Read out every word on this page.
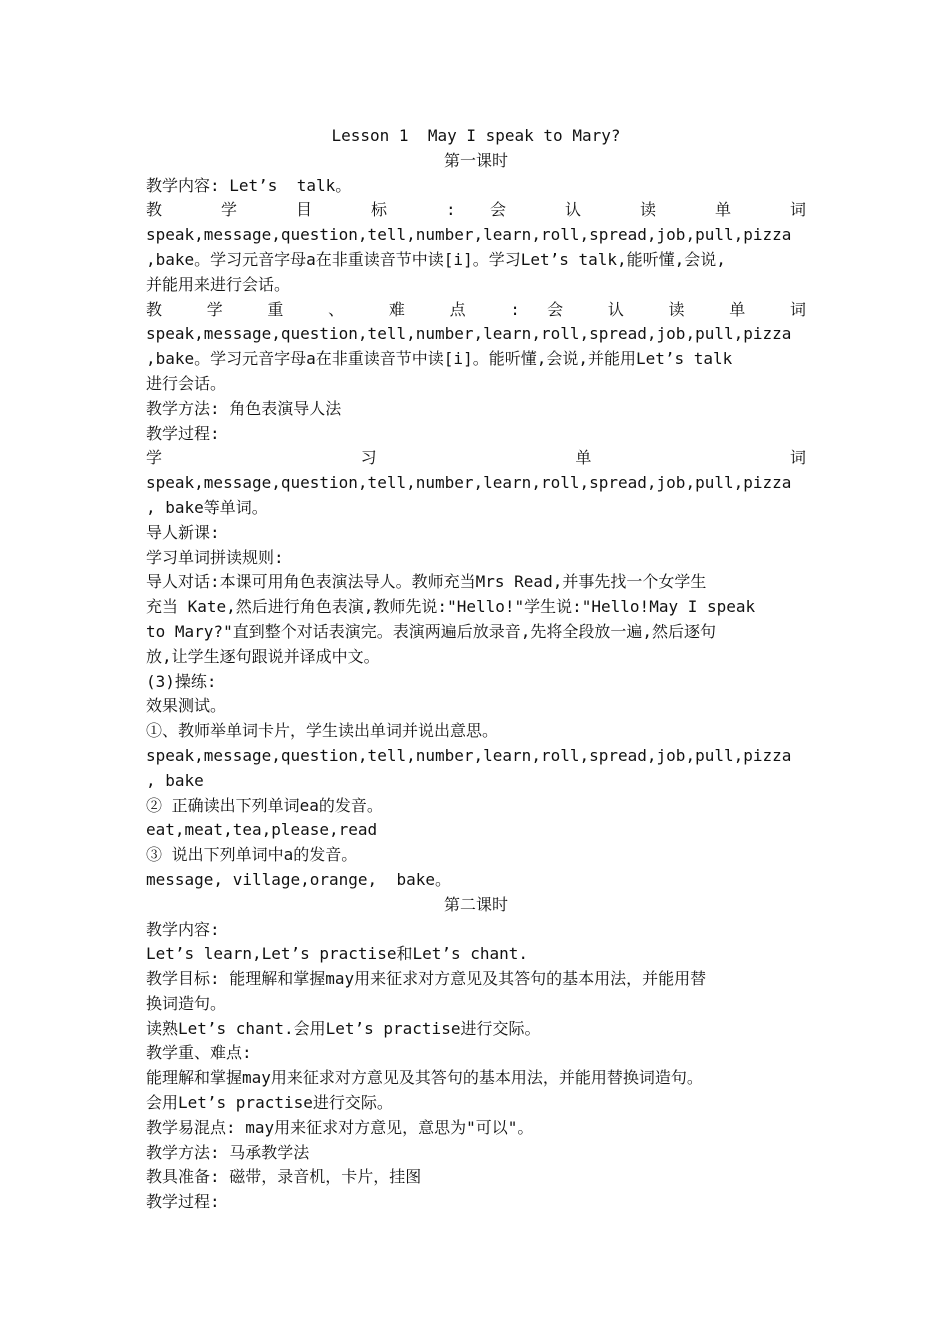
Lesson 1  May I speak to Mary?

第一课时

教学内容: Let’s  talk。

教 学 目 标 : 会 认 读 单 词

speak,message,question,tell,number,learn,roll,spread,job,pull,pizza

,bake。学习元音字母a在非重读音节中读[i]。学习Let’s talk,能听懂,会说,

并能用来进行会话。

教 学 重 、 难 点 : 会 认 读 单 词

speak,message,question,tell,number,learn,roll,spread,job,pull,pizza

,bake。学习元音字母a在非重读音节中读[i]。能听懂,会说,并能用Let’s talk

进行会话。

教学方法: 角色表演导人法

教学过程:

学 习 单 词

speak,message,question,tell,number,learn,roll,spread,job,pull,pizza

, bake等单词。

导人新课:

学习单词拼读规则:

导人对话:本课可用角色表演法导人。教师充当Mrs Read,并事先找一个女学生

充当 Kate,然后进行角色表演,教师先说:"Hello!"学生说:"Hello!May I speak

to Mary?"直到整个对话表演完。表演两遍后放录音,先将全段放一遍,然后逐句

放,让学生逐句跟说并译成中文。

(3)操练:

效果测试。

①、教师举单词卡片，学生读出单词并说出意思。

speak,message,question,tell,number,learn,roll,spread,job,pull,pizza

, bake

② 正确读出下列单词ea的发音。

eat,meat,tea,please,read

③ 说出下列单词中a的发音。

message, village,orange,  bake。

第二课时

教学内容:

Let’s learn,Let’s practise和Let’s chant.

教学目标: 能理解和掌握may用来征求对方意见及其答句的基本用法，并能用替

换词造句。

读熟Let’s chant.会用Let’s practise进行交际。

教学重、难点:

能理解和掌握may用来征求对方意见及其答句的基本用法，并能用替换词造句。

会用Let’s practise进行交际。

教学易混点: may用来征求对方意见，意思为"可以"。

教学方法: 马承教学法

教具准备: 磁带，录音机，卡片，挂图

教学过程:
